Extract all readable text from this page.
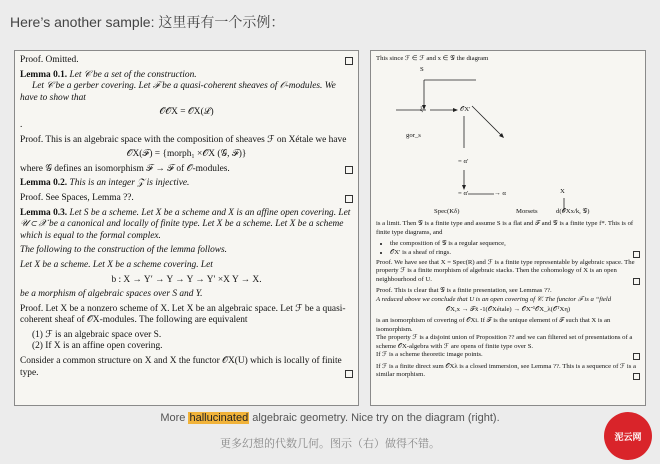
Here’s another sample: 这里再有一个示例：

Proof. Omitted.

Lemma 0.1. Let 𝒞 be a set of the construction.
Let 𝒞 be a gerber covering. Let ℱ be a quasi-coherent sheaves of 𝒪-modules. We have to show that

𝒪𝒪X = 𝒪X(ℒ)

.

Proof. This is an algebraic space with the composition of sheaves ℱ on Xétale we have

𝒪X(ℱ) = {morph₁ ×𝒪X (𝒢, ℱ)}

where 𝒢 defines an isomorphism ℱ → ℱ of 𝒪-modules.

Lemma 0.2. This is an integer 𝒵 is injective.

Proof. See Spaces, Lemma ??.

Lemma 0.3. Let S be a scheme. Let X be a scheme and X is an affine open covering. Let 𝒰 ⊂ 𝒳 be a canonical and locally of finite type. Let X be a scheme. Let X be a scheme which is equal to the formal complex.

The following to the construction of the lemma follows.

Let X be a scheme. Let X be a scheme covering. Let

b : X → Y′ → Y → Y → Y′ ×X Y → X.

be a morphism of algebraic spaces over S and Y.

Proof. Let X be a nonzero scheme of X. Let X be an algebraic space. Let ℱ be a quasi-coherent sheaf of 𝒪X-modules. The following are equivalent

(1) ℱ is an algebraic space over S.

(2) If X is an affine open covering.

Consider a common structure on X and X the functor 𝒪X(U) which is locally of finite type.

This since ℱ ∈ ℱ and x ∈ 𝒢 the diagram

S
ξ	𝒪X′
gor_s
= α′
= α′	→ α	X
Spec(Kδ)	Morsets	d(𝒪Xx/k, 𝒢)

is a limit. Then 𝒢 is a finite type and assume S is a flat and ℱ and 𝒢 is a finite type f*. This is of finite type diagrams, and

• the composition of 𝒢 is a regular sequence,
• 𝒪X′ is a sheaf of rings.

Proof. We have see that X = Spec(R) and ℱ is a finite type representable by algebraic space. The property ℱ is a finite morphism of algebraic stacks. Then the cohomology of X is an open neighbourhood of U.

Proof. This is clear that 𝒢 is a finite presentation, see Lemmas ??.

A reduced above we conclude that U is an open covering of 𝒞. The functor ℱ is a “field

𝒪X,x → ℱx̄ -1(𝒪Xétale) → 𝒪X⁻¹𝒪X_λ(𝒪ᵀXη)

is an isomorphism of covering of 𝒪Xi. If ℱ is the unique element of ℱ such that X is an isomorphism.

The property ℱ is a disjoint union of Proposition ?? and we can filtered set of presentations of a scheme 𝒪X-algebra with ℱ are opens of finite type over S.

If ℱ is a scheme theoretic image points.

If ℱ is a finite direct sum 𝒪Xλ is a closed immersion, see Lemma ??. This is a sequence of ℱ is a similar morphism.

More hallucinated algebraic geometry. Nice try on the diagram (right).
更多幻想的代数几何。图示（右）做得不错。
泥云网
